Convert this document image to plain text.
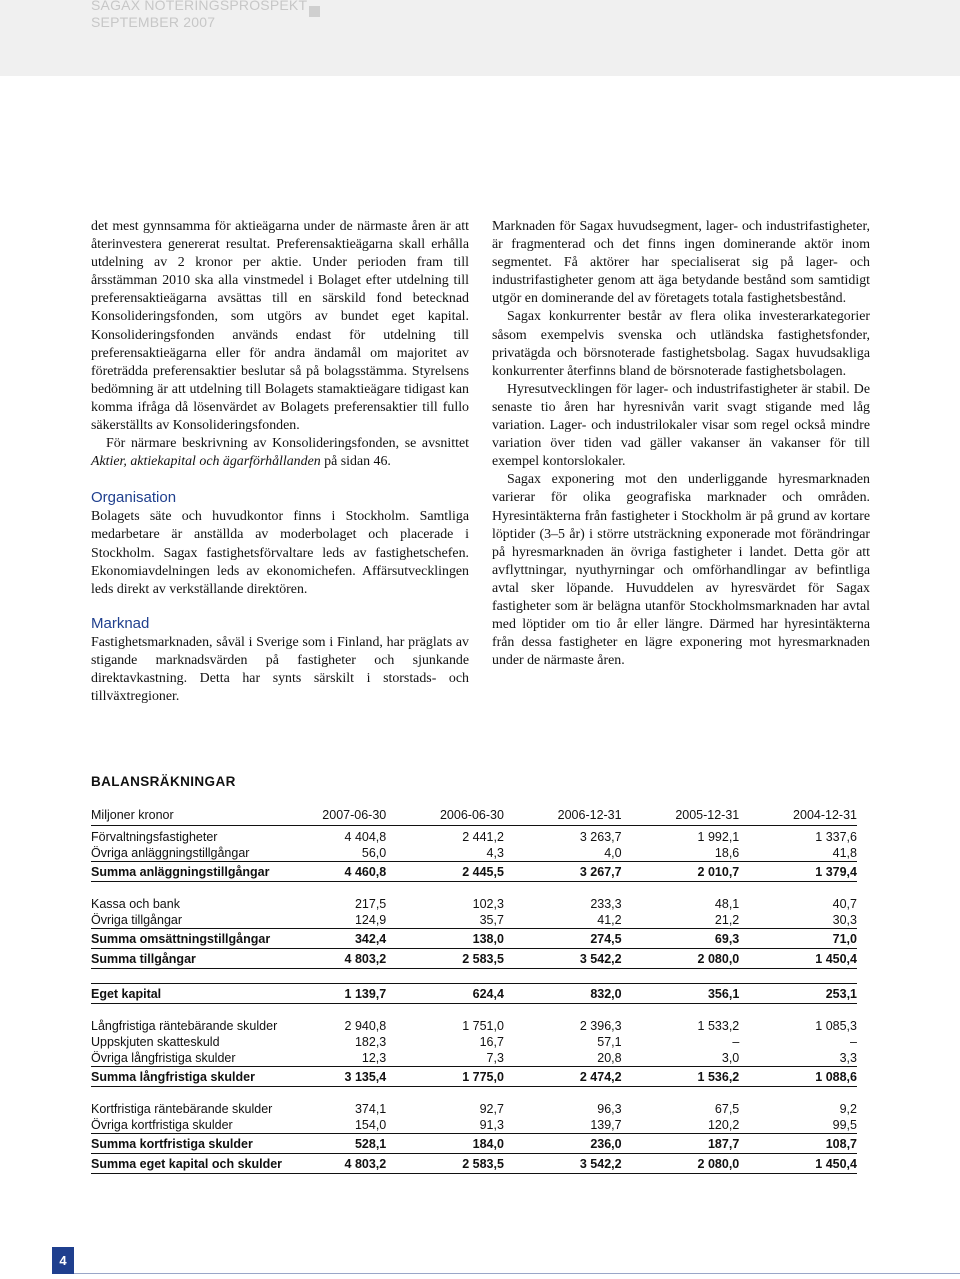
SAGAX NOTERINGSPROSPEKT
SEPTEMBER 2007

det mest gynnsamma för aktieägarna under de närmaste åren är att återinvestera genererat resultat. Preferensaktieägarna skall erhålla utdelning av 2 kronor per aktie. Under perioden fram till årsstämman 2010 ska alla vinstmedel i Bolaget efter utdelning till preferensaktieägarna avsättas till en särskild fond betecknad Konsolideringsfonden, som utgörs av bundet eget kapital. Konsolideringsfonden används endast för utdelning till preferensaktieägarna eller för andra ändamål om majoritet av företrädda preferensaktier beslutar så på bolagsstämma. Styrelsens bedömning är att utdelning till Bolagets stamaktieägare tidigast kan komma ifråga då lösenvärdet av Bolagets preferensaktier till fullo säkerställts av Konsolideringsfonden.

För närmare beskrivning av Konsolideringsfonden, se avsnittet Aktier, aktiekapital och ägarförhållanden på sidan 46.

Organisation

Bolagets säte och huvudkontor finns i Stockholm. Samtliga medarbetare är anställda av moderbolaget och placerade i Stockholm. Sagax fastighetsförvaltare leds av fastighetschefen. Ekonomiavdelningen leds av ekonomichefen. Affärsutvecklingen leds direkt av verkställande direktören.

Marknad

Fastighetsmarknaden, såväl i Sverige som i Finland, har präglats av stigande marknadsvärden på fastigheter och sjunkande direktavkastning. Detta har synts särskilt i storstads- och tillväxtregioner.

Marknaden för Sagax huvudsegment, lager- och industrifastigheter, är fragmenterad och det finns ingen dominerande aktör inom segmentet. Få aktörer har specialiserat sig på lager- och industrifastigheter genom att äga betydande bestånd som samtidigt utgör en dominerande del av företagets totala fastighetsbestånd.

Sagax konkurrenter består av flera olika investerarkategorier såsom exempelvis svenska och utländska fastighetsfonder, privatägda och börsnoterade fastighetsbolag. Sagax huvudsakliga konkurrenter återfinns bland de börsnoterade fastighetsbolagen.

Hyresutvecklingen för lager- och industrifastigheter är stabil. De senaste tio åren har hyresnivån varit svagt stigande med låg variation. Lager- och industrilokaler visar som regel också mindre variation över tiden vad gäller vakanser än vakanser för till exempel kontorslokaler.

Sagax exponering mot den underliggande hyresmarknaden varierar för olika geografiska marknader och områden. Hyresintäkterna från fastigheter i Stockholm är på grund av kortare löptider (3–5 år) i större utsträckning exponerade mot förändringar på hyresmarknaden än övriga fastigheter i landet. Detta gör att avflyttningar, nyuthyrningar och omförhandlingar av befintliga avtal sker löpande. Huvuddelen av hyresvärdet för Sagax fastigheter som är belägna utanför Stockholmsmarknaden har avtal med löptider om tio år eller längre. Därmed har hyresintäkterna från dessa fastigheter en lägre exponering mot hyresmarknaden under de närmaste åren.

BALANSRÄKNINGAR
Miljoner kronor	2007-06-30	2006-06-30	2006-12-31	2005-12-31	2004-12-31
Förvaltningsfastigheter	4 404,8	2 441,2	3 263,7	1 992,1	1 337,6
Övriga anläggningstillgångar	56,0	4,3	4,0	18,6	41,8
Summa anläggningstillgångar	4 460,8	2 445,5	3 267,7	2 010,7	1 379,4

Kassa och bank	217,5	102,3	233,3	48,1	40,7
Övriga tillgångar	124,9	35,7	41,2	21,2	30,3
Summa omsättningstillgångar	342,4	138,0	274,5	69,3	71,0
Summa tillgångar	4 803,2	2 583,5	3 542,2	2 080,0	1 450,4

Eget kapital	1 139,7	624,4	832,0	356,1	253,1

Långfristiga räntebärande skulder	2 940,8	1 751,0	2 396,3	1 533,2	1 085,3
Uppskjuten skatteskuld	182,3	16,7	57,1	–	–
Övriga långfristiga skulder	12,3	7,3	20,8	3,0	3,3
Summa långfristiga skulder	3 135,4	1 775,0	2 474,2	1 536,2	1 088,6

Kortfristiga räntebärande skulder	374,1	92,7	96,3	67,5	9,2
Övriga kortfristiga skulder	154,0	91,3	139,7	120,2	99,5
Summa kortfristiga skulder	528,1	184,0	236,0	187,7	108,7
Summa eget kapital och skulder	4 803,2	2 583,5	3 542,2	2 080,0	1 450,4
4
